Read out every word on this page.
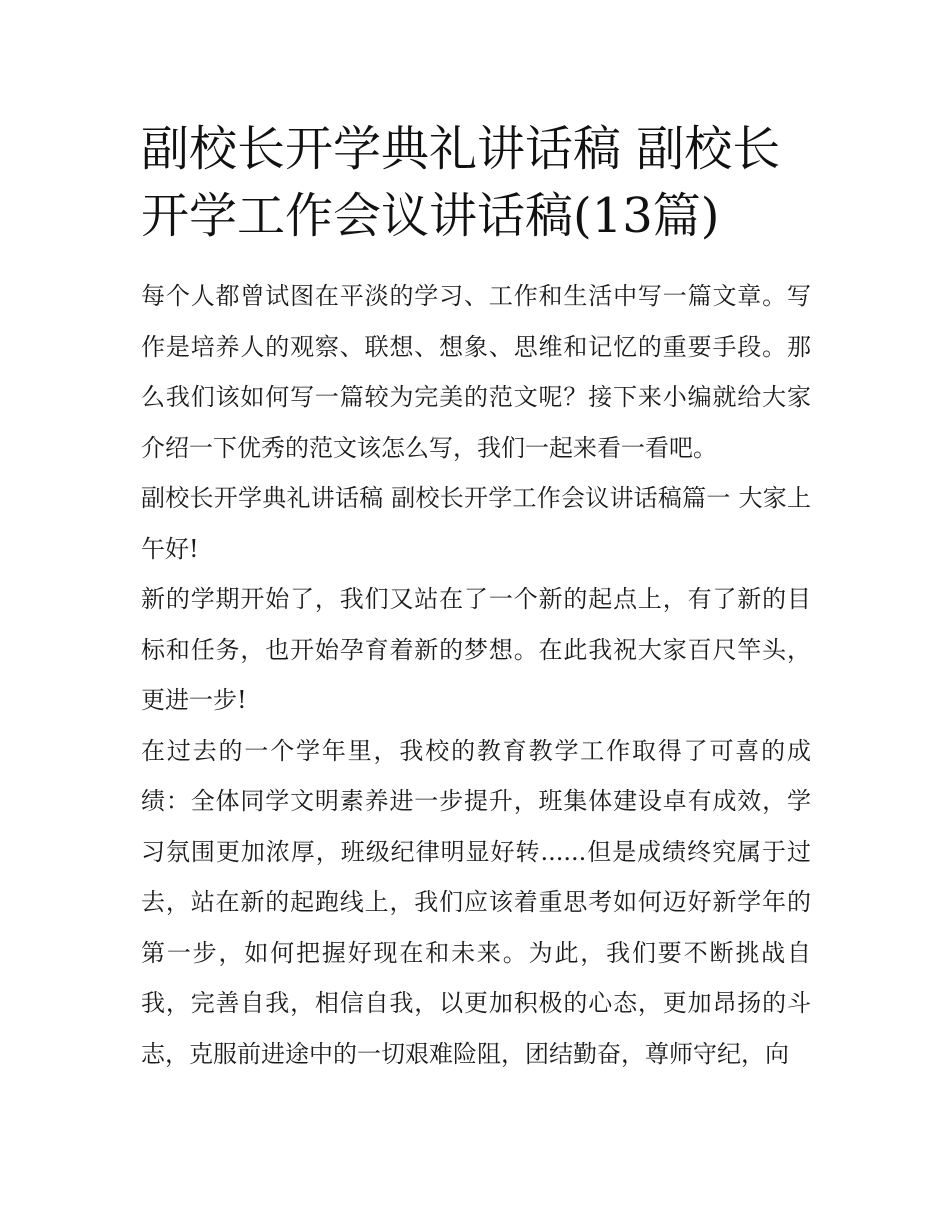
副校长开学典礼讲话稿 副校长开学工作会议讲话稿(13篇)

每个人都曾试图在平淡的学习、工作和生活中写一篇文章。写作是培养人的观察、联想、想象、思维和记忆的重要手段。那么我们该如何写一篇较为完美的范文呢？接下来小编就给大家介绍一下优秀的范文该怎么写，我们一起来看一看吧。

副校长开学典礼讲话稿 副校长开学工作会议讲话稿篇一 大家上午好!

新的学期开始了，我们又站在了一个新的起点上，有了新的目标和任务，也开始孕育着新的梦想。在此我祝大家百尺竿头，更进一步!

在过去的一个学年里，我校的教育教学工作取得了可喜的成绩：全体同学文明素养进一步提升，班集体建设卓有成效，学习氛围更加浓厚，班级纪律明显好转......但是成绩终究属于过去，站在新的起跑线上，我们应该着重思考如何迈好新学年的第一步，如何把握好现在和未来。为此，我们要不断挑战自我，完善自我，相信自我，以更加积极的心态，更加昂扬的斗志，克服前进途中的一切艰难险阻，团结勤奋，尊师守纪，向
